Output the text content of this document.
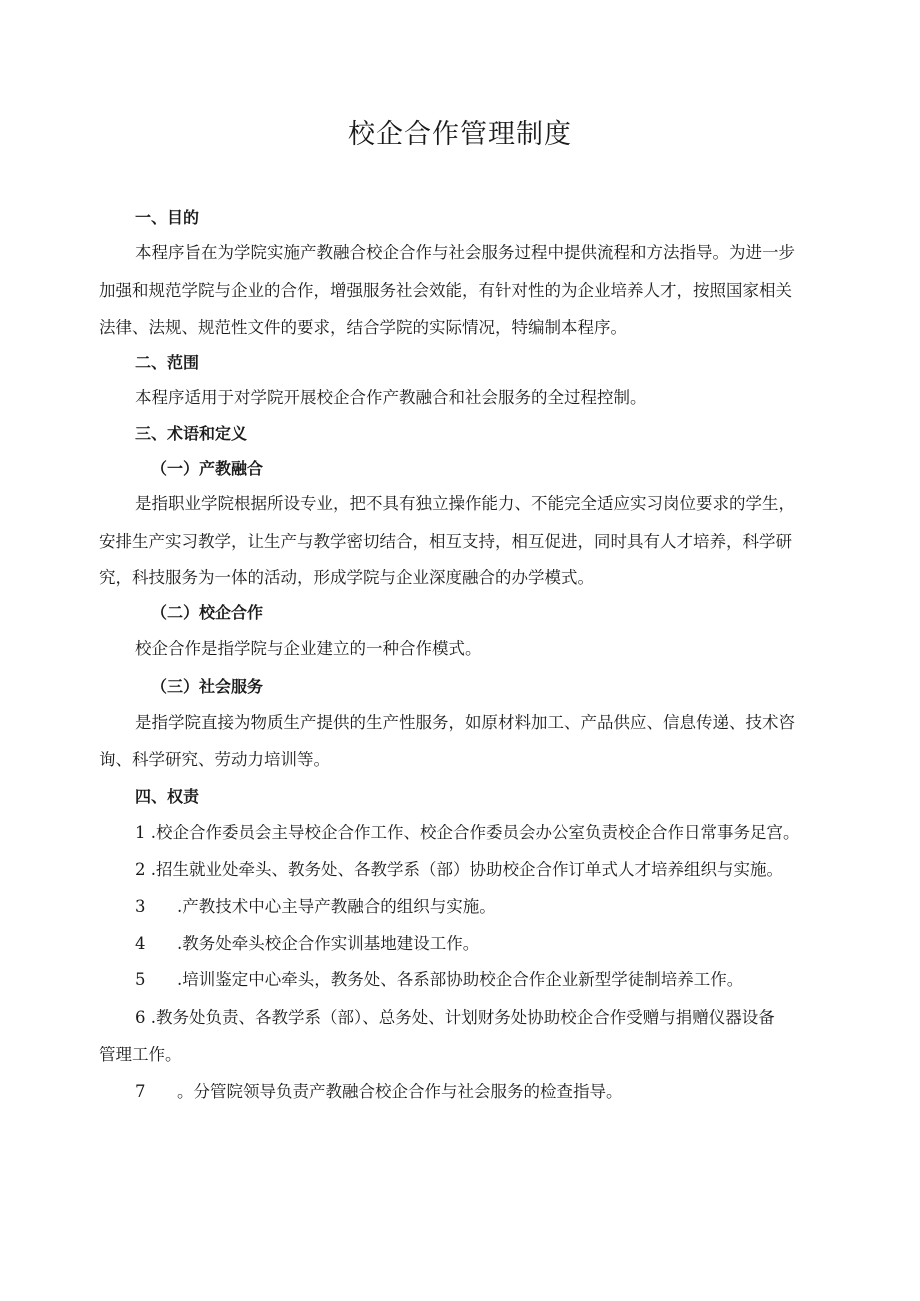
校企合作管理制度
一、目的
本程序旨在为学院实施产教融合校企合作与社会服务过程中提供流程和方法指导。为进一步
加强和规范学院与企业的合作，增强服务社会效能，有针对性的为企业培养人才，按照国家相关
法律、法规、规范性文件的要求，结合学院的实际情况，特编制本程序。
二、范围
本程序适用于对学院开展校企合作产教融合和社会服务的全过程控制。
三、术语和定义
（一）产教融合
是指职业学院根据所设专业，把不具有独立操作能力、不能完全适应实习岗位要求的学生，
安排生产实习教学，让生产与教学密切结合，相互支持，相互促进，同时具有人才培养，科学研
究，科技服务为一体的活动，形成学院与企业深度融合的办学模式。
（二）校企合作
校企合作是指学院与企业建立的一种合作模式。
（三）社会服务
是指学院直接为物质生产提供的生产性服务，如原材料加工、产品供应、信息传递、技术咨
询、科学研究、劳动力培训等。
四、权责
1 .校企合作委员会主导校企合作工作、校企合作委员会办公室负责校企合作日常事务足宫。
2 .招生就业处牵头、教务处、各教学系（部）协助校企合作订单式人才培养组织与实施。
3      .产教技术中心主导产教融合的组织与实施。
4      .教务处牵头校企合作实训基地建设工作。
5      .培训鉴定中心牵头，教务处、各系部协助校企合作企业新型学徒制培养工作。
6 .教务处负责、各教学系（部）、总务处、计划财务处协助校企合作受赠与捐赠仪器设备
管理工作。
7      。分管院领导负责产教融合校企合作与社会服务的检查指导。
